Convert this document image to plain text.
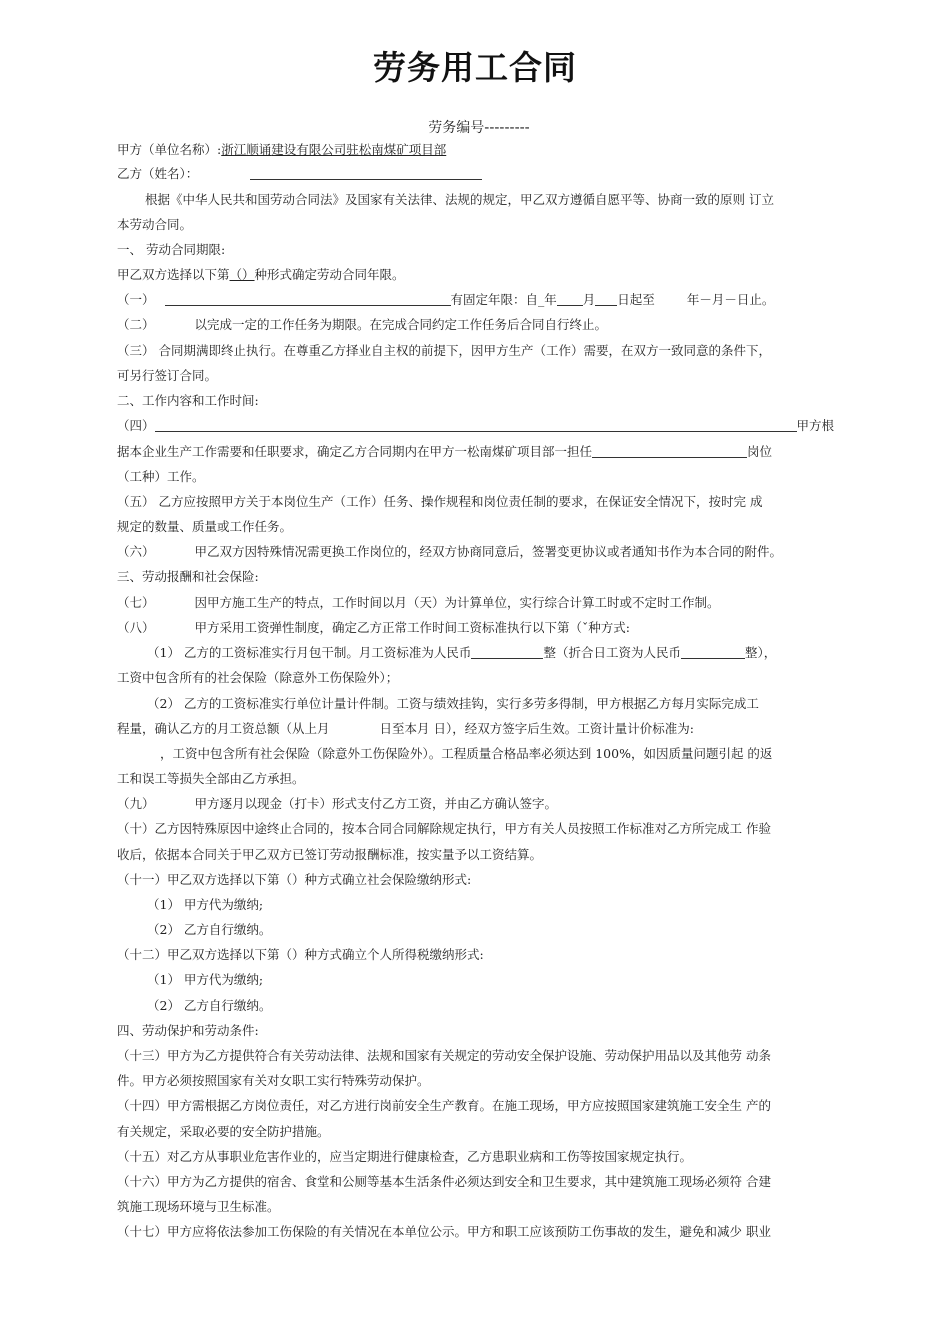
劳务用工合同
劳务编号---------
甲方（单位名称）:浙江顺诵建设有限公司驻松南煤矿项目部
乙方（姓名）：
根据《中华人民共和国劳动合同法》及国家有关法律、法规的规定，甲乙双方遵循自愿平等、协商一致的原则 订立
本劳动合同。
一、 劳动合同期限:
甲乙双方选择以下第（）种形式确定劳动合同年限。
（一）	有固定年限：自_年 月 日起至	年－月－日止。
（二）	以完成一定的工作任务为期限。在完成合同约定工作任务后合同自行终止。
（三） 合同期满即终止执行。在尊重乙方择业自主权的前提下，因甲方生产（工作）需要，在双方一致同意的条件下，
可另行签订合同。
二、工作内容和工作时间:
（四）	甲方根
据本企业生产工作需要和任职要求，确定乙方合同期内在甲方一松南煤矿项目部一担任	岗位
（工种）工作。
（五） 乙方应按照甲方关于本岗位生产（工作）任务、操作规程和岗位责任制的要求，在保证安全情况下，按时完 成
规定的数量、质量或工作任务。
（六）	甲乙双方因特殊情况需更换工作岗位的，经双方协商同意后，签署变更协议或者通知书作为本合同的附件。
三、劳动报酬和社会保险:
（七）	因甲方施工生产的特点，工作时间以月（天）为计算单位，实行综合计算工时或不定时工作制。
（八）	甲方采用工资弹性制度，确定乙方正常工作时间工资标准执行以下第（ˇ种方式:
（1） 乙方的工资标准实行月包干制。月工资标准为人民币	整（折合日工资为人民币	整），
工资中包含所有的社会保险（除意外工伤保险外）；
（2） 乙方的工资标准实行单位计量计件制。工资与绩效挂钩，实行多劳多得制，甲方根据乙方每月实际完成工
程量，确认乙方的月工资总额（从上月	日至本月 日），经双方签字后生效。工资计量计价标准为:
，工资中包含所有社会保险（除意外工伤保险外）。工程质量合格品率必须达到 100%，如因质量问题引起 的返
工和误工等损失全部由乙方承担。
（九）	甲方逐月以现金（打卡）形式支付乙方工资，并由乙方确认签字。
（十）乙方因特殊原因中途终止合同的，按本合同合同解除规定执行，甲方有关人员按照工作标准对乙方所完成工 作验
收后，依据本合同关于甲乙双方已签订劳动报酬标准，按实量予以工资结算。
（十一）甲乙双方选择以下第（）种方式确立社会保险缴纳形式:
（1） 甲方代为缴纳;
（2） 乙方自行缴纳。
（十二）甲乙双方选择以下第（）种方式确立个人所得税缴纳形式:
（1） 甲方代为缴纳;
（2） 乙方自行缴纳。
四、劳动保护和劳动条件:
（十三）甲方为乙方提供符合有关劳动法律、法规和国家有关规定的劳动安全保护设施、劳动保护用品以及其他劳 动条
件。甲方必须按照国家有关对女职工实行特殊劳动保护。
（十四）甲方需根据乙方岗位责任，对乙方进行岗前安全生产教育。在施工现场，甲方应按照国家建筑施工安全生 产的
有关规定，采取必要的安全防护措施。
（十五）对乙方从事职业危害作业的，应当定期进行健康检查，乙方患职业病和工伤等按国家规定执行。
（十六）甲方为乙方提供的宿舍、食堂和公厕等基本生活条件必须达到安全和卫生要求，其中建筑施工现场必须符 合建
筑施工现场环境与卫生标准。
（十七）甲方应将依法参加工伤保险的有关情况在本单位公示。甲方和职工应该预防工伤事故的发生，避免和减少 职业
